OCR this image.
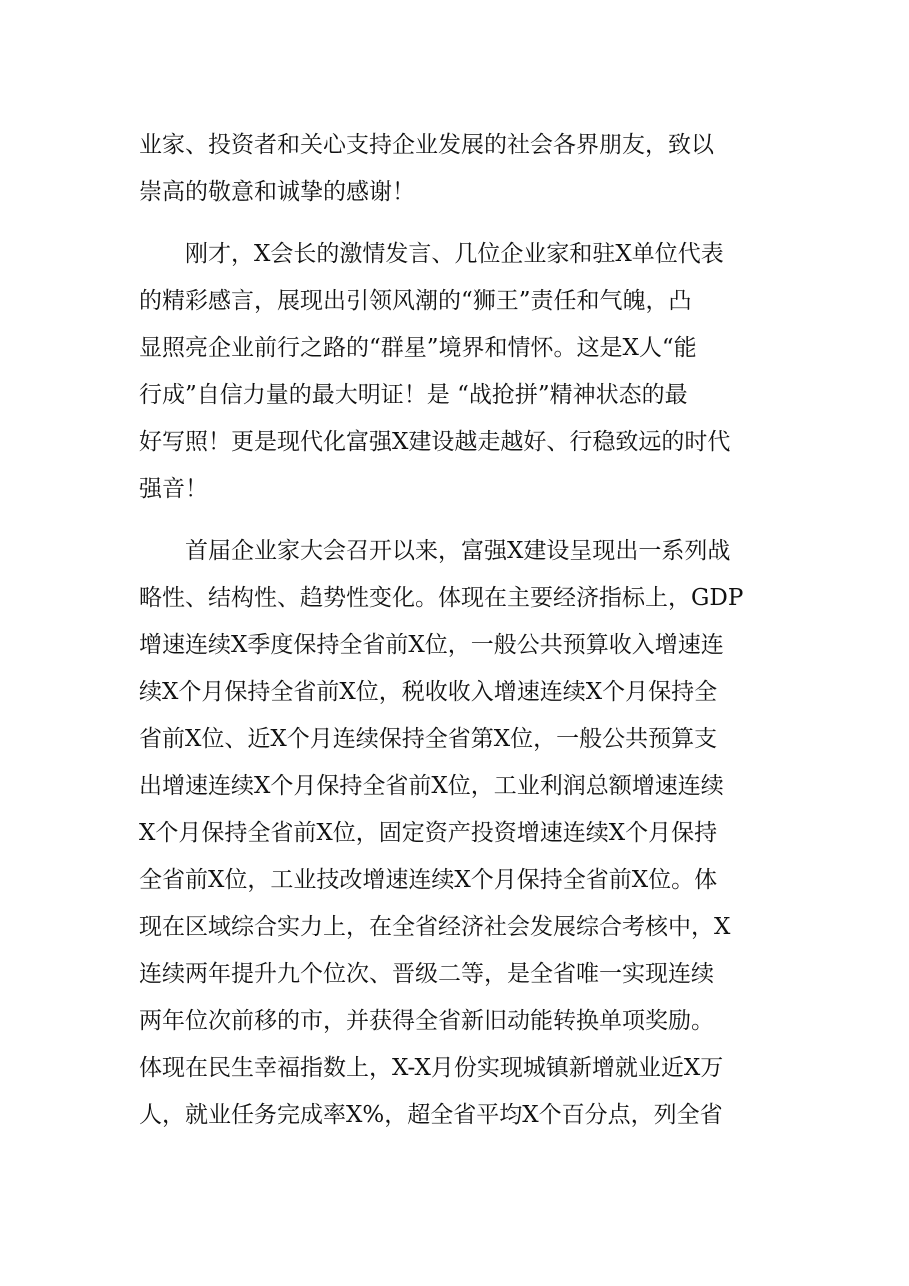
业家、投资者和关心支持企业发展的社会各界朋友，致以
崇高的敬意和诚挚的感谢！
刚才，X会长的激情发言、几位企业家和驻X单位代表
的精彩感言，展现出引领风潮的“狮王”责任和气魄，凸
显照亮企业前行之路的“群星”境界和情怀。这是X人“能
行成”自信力量的最大明证！是 “战抢拼”精神状态的最
好写照！更是现代化富强X建设越走越好、行稳致远的时代
强音！
首届企业家大会召开以来，富强X建设呈现出一系列战
略性、结构性、趋势性变化。体现在主要经济指标上，GDP
增速连续X季度保持全省前X位，一般公共预算收入增速连
续X个月保持全省前X位，税收收入增速连续X个月保持全
省前X位、近X个月连续保持全省第X位，一般公共预算支
出增速连续X个月保持全省前X位，工业利润总额增速连续
X个月保持全省前X位，固定资产投资增速连续X个月保持
全省前X位，工业技改增速连续X个月保持全省前X位。体
现在区域综合实力上，在全省经济社会发展综合考核中，X
连续两年提升九个位次、晋级二等，是全省唯一实现连续
两年位次前移的市，并获得全省新旧动能转换单项奖励。
体现在民生幸福指数上，X-X月份实现城镇新增就业近X万
人，就业任务完成率X%，超全省平均X个百分点，列全省
